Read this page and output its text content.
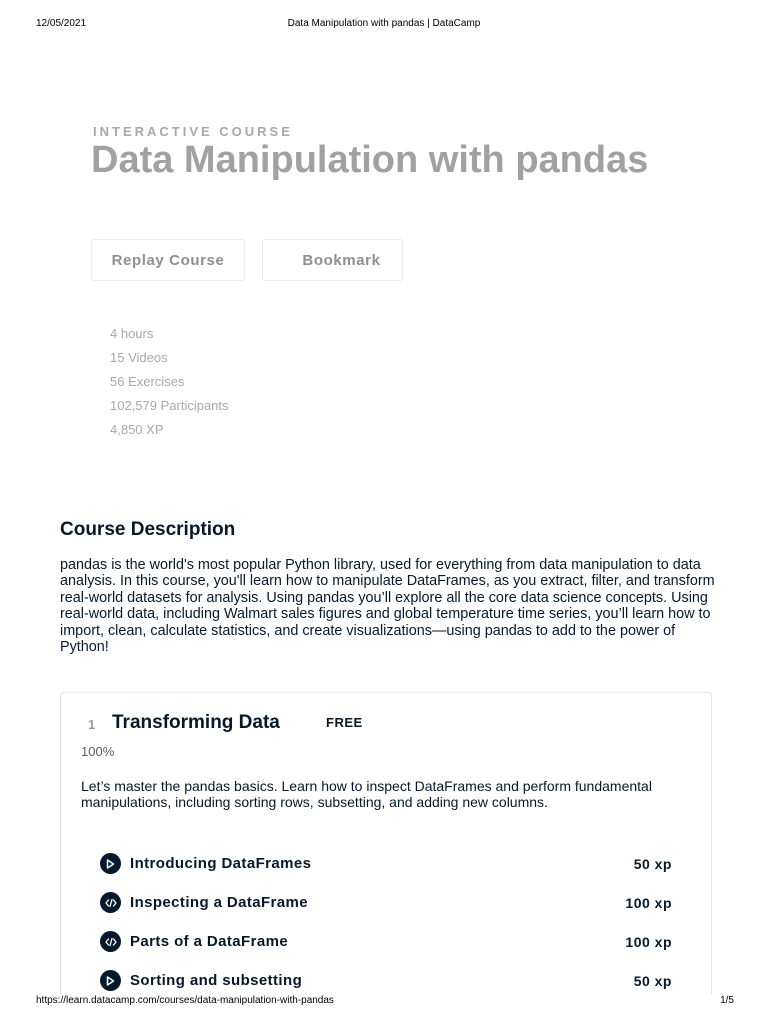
12/05/2021	Data Manipulation with pandas | DataCamp
INTERACTIVE COURSE
Data Manipulation with pandas
Replay Course	Bookmark
4 hours
15 Videos
56 Exercises
102,579 Participants
4,850 XP
Course Description

pandas is the world's most popular Python library, used for everything from data manipulation to data analysis. In this course, you'll learn how to manipulate DataFrames, as you extract, filter, and transform real-world datasets for analysis. Using pandas you’ll explore all the core data science concepts. Using real-world data, including Walmart sales figures and global temperature time series, you’ll learn how to import, clean, calculate statistics, and create visualizations—using pandas to add to the power of Python!

1 Transforming Data	FREE
100%

Let’s master the pandas basics. Learn how to inspect DataFrames and perform fundamental manipulations, including sorting rows, subsetting, and adding new columns.

Introducing DataFrames	50 xp
Inspecting a DataFrame	100 xp
Parts of a DataFrame	100 xp
Sorting and subsetting	50 xp
https://learn.datacamp.com/courses/data-manipulation-with-pandas	1/5
